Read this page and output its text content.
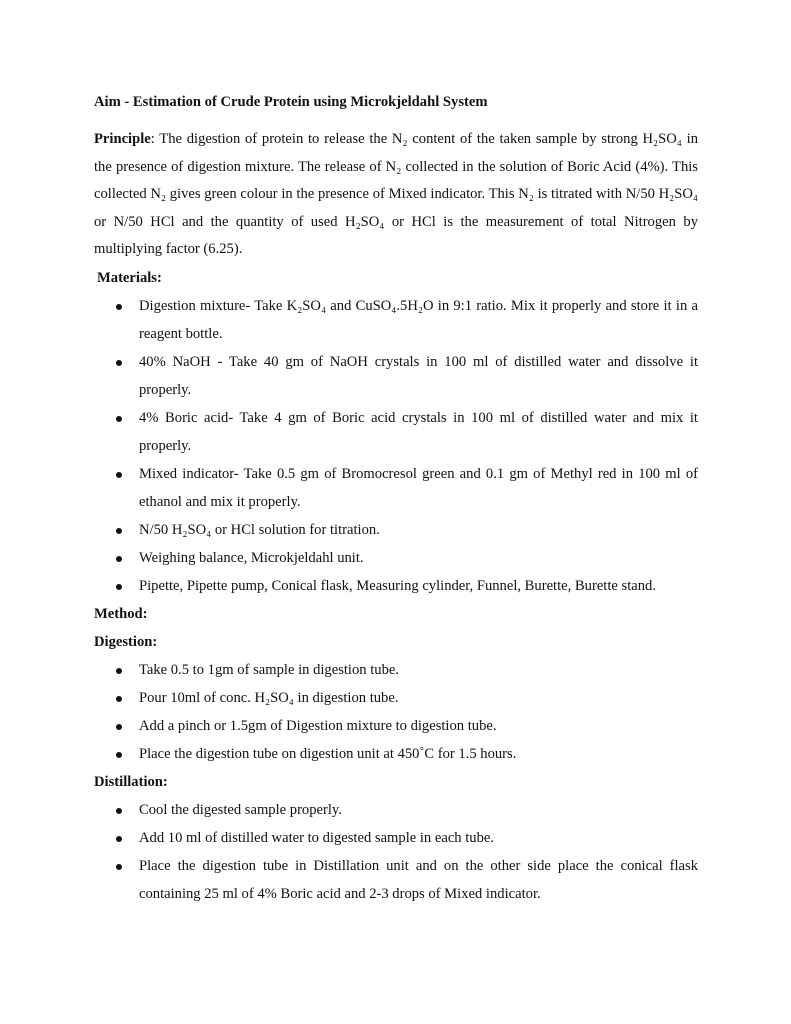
Aim - Estimation of Crude Protein using Microkjeldahl System

Principle: The digestion of protein to release the N₂ content of the taken sample by strong H₂SO₄ in the presence of digestion mixture. The release of N₂ collected in the solution of Boric Acid (4%). This collected N₂ gives green colour in the presence of Mixed indicator. This N₂ is titrated with N/50 H₂SO₄ or N/50 HCl and the quantity of used H₂SO₄ or HCl is the measurement of total Nitrogen by multiplying factor (6.25).

Materials:

Digestion mixture- Take K₂SO₄ and CuSO₄.5H₂O in 9:1 ratio. Mix it properly and store it in a reagent bottle.
40% NaOH - Take 40 gm of NaOH crystals in 100 ml of distilled water and dissolve it properly.
4% Boric acid- Take 4 gm of Boric acid crystals in 100 ml of distilled water and mix it properly.
Mixed indicator- Take 0.5 gm of Bromocresol green and 0.1 gm of Methyl red in 100 ml of ethanol and mix it properly.
N/50 H₂SO₄ or HCl solution for titration.
Weighing balance, Microkjeldahl unit.
Pipette, Pipette pump, Conical flask, Measuring cylinder, Funnel, Burette, Burette stand.

Method:

Digestion:

Take 0.5 to 1gm of sample in digestion tube.
Pour 10ml of conc. H₂SO₄ in digestion tube.
Add a pinch or 1.5gm of Digestion mixture to digestion tube.
Place the digestion tube on digestion unit at 450˚C for 1.5 hours.

Distillation:

Cool the digested sample properly.
Add 10 ml of distilled water to digested sample in each tube.
Place the digestion tube in Distillation unit and on the other side place the conical flask containing 25 ml of 4% Boric acid and 2-3 drops of Mixed indicator.
